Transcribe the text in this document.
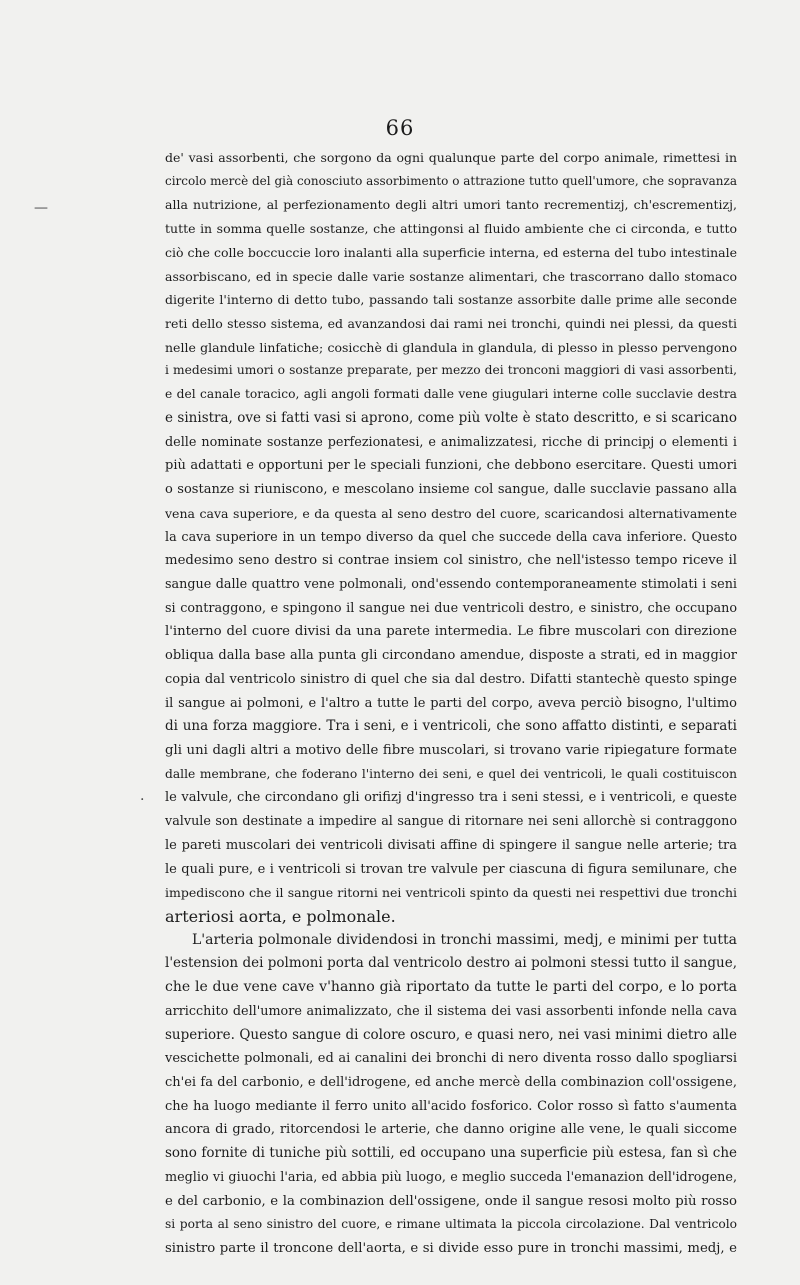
66
—
.
de' vasi assorbenti, che sorgono da ogni qualunque parte del corpo animale, rimettesi in
circolo mercè del già conosciuto assorbimento o attrazione tutto quell'umore, che sopravanza
alla nutrizione, al perfezionamento degli altri umori tanto recrementizj, ch'escrementizj,
tutte in somma quelle sostanze, che attingonsi al fluido ambiente che ci circonda, e tutto
ciò che colle boccuccie loro inalanti alla superficie interna, ed esterna del tubo intestinale
assorbiscano, ed in specie dalle varie sostanze alimentari, che trascorrano dallo stomaco
digerite l'interno di detto tubo, passando tali sostanze assorbite dalle prime alle seconde
reti dello stesso sistema, ed avanzandosi dai rami nei tronchi, quindi nei plessi, da questi
nelle glandule linfatiche; cosicchè di glandula in glandula, di plesso in plesso pervengono
i medesimi umori o sostanze preparate, per mezzo dei tronconi maggiori di vasi assorbenti,
e del canale toracico, agli angoli formati dalle vene giugulari interne colle succlavie destra
e sinistra, ove si fatti vasi si aprono, come più volte è stato descritto, e si scaricano
delle nominate sostanze perfezionatesi, e animalizzatesi, ricche di principj o elementi i
più adattati e opportuni per le speciali funzioni, che debbono esercitare. Questi umori
o sostanze si riuniscono, e mescolano insieme col sangue, dalle succlavie passano alla
vena cava superiore, e da questa al seno destro del cuore, scaricandosi alternativamente
la cava superiore in un tempo diverso da quel che succede della cava inferiore. Questo
medesimo seno destro si contrae insiem col sinistro, che nell'istesso tempo riceve il
sangue dalle quattro vene polmonali, ond'essendo contemporaneamente stimolati i seni
si contraggono, e spingono il sangue nei due ventricoli destro, e sinistro, che occupano
l'interno del cuore divisi da una parete intermedia. Le fibre muscolari con direzione
obliqua dalla base alla punta gli circondano amendue, disposte a strati, ed in maggior
copia dal ventricolo sinistro di quel che sia dal destro. Difatti stantechè questo spinge
il sangue ai polmoni, e l'altro a tutte le parti del corpo, aveva perciò bisogno, l'ultimo
di una forza maggiore. Tra i seni, e i ventricoli, che sono affatto distinti, e separati
gli uni dagli altri a motivo delle fibre muscolari, si trovano varie ripiegature formate
dalle membrane, che foderano l'interno dei seni, e quel dei ventricoli, le quali costituiscon
le valvule, che circondano gli orifizj d'ingresso tra i seni stessi, e i ventricoli, e queste
valvule son destinate a impedire al sangue di ritornare nei seni allorchè si contraggono
le pareti muscolari dei ventricoli divisati affine di spingere il sangue nelle arterie; tra
le quali pure, e i ventricoli si trovan tre valvule per ciascuna di figura semilunare, che
impediscono che il sangue ritorni nei ventricoli spinto da questi nei respettivi due tronchi
arteriosi aorta, e polmonale.
L'arteria polmonale dividendosi in tronchi massimi, medj, e minimi per tutta
l'estension dei polmoni porta dal ventricolo destro ai polmoni stessi tutto il sangue,
che le due vene cave v'hanno già riportato da tutte le parti del corpo, e lo porta
arricchito dell'umore animalizzato, che il sistema dei vasi assorbenti infonde nella cava
superiore. Questo sangue di colore oscuro, e quasi nero, nei vasi minimi dietro alle
vescichette polmonali, ed ai canalini dei bronchi di nero diventa rosso dallo spogliarsi
ch'ei fa del carbonio, e dell'idrogene, ed anche mercè della combinazion coll'ossigene,
che ha luogo mediante il ferro unito all'acido fosforico. Color rosso sì fatto s'aumenta
ancora di grado, ritorcendosi le arterie, che danno origine alle vene, le quali siccome
sono fornite di tuniche più sottili, ed occupano una superficie più estesa, fan sì che
meglio vi giuochi l'aria, ed abbia più luogo, e meglio succeda l'emanazion dell'idrogene,
e del carbonio, e la combinazion dell'ossigene, onde il sangue resosi molto più rosso
si porta al seno sinistro del cuore, e rimane ultimata la piccola circolazione. Dal ventricolo
sinistro parte il troncone dell'aorta, e si divide esso pure in tronchi massimi, medj, e
